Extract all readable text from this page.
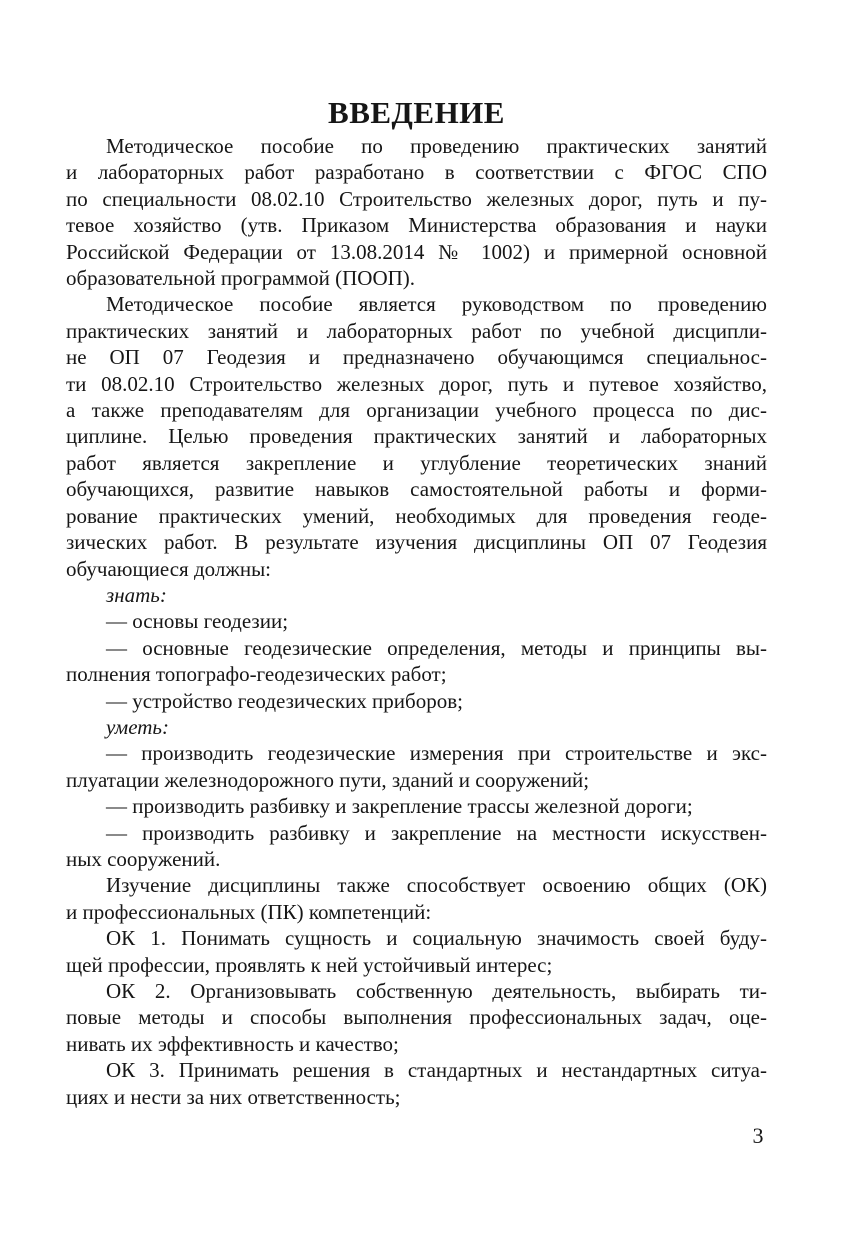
ВВЕДЕНИЕ
Методическое пособие по проведению практических занятий
и лабораторных работ разработано в соответствии с ФГОС СПО
по специальности 08.02.10 Строительство железных дорог, путь и пу-
тевое хозяйство (утв. Приказом Министерства образования и науки
Российской Федерации от 13.08.2014 № 1002) и примерной основной
образовательной программой (ПООП).
Методическое пособие является руководством по проведению
практических занятий и лабораторных работ по учебной дисципли-
не ОП 07 Геодезия и предназначено обучающимся специальнос-
ти 08.02.10 Строительство железных дорог, путь и путевое хозяйство,
а также преподавателям для организации учебного процесса по дис-
циплине. Целью проведения практических занятий и лабораторных
работ является закрепление и углубление теоретических знаний
обучающихся, развитие навыков самостоятельной работы и форми-
рование практических умений, необходимых для проведения геоде-
зических работ. В результате изучения дисциплины ОП 07 Геодезия
обучающиеся должны:
знать:
— основы геодезии;
— основные геодезические определения, методы и принципы вы-
полнения топографо-геодезических работ;
— устройство геодезических приборов;
уметь:
— производить геодезические измерения при строительстве и экс-
плуатации железнодорожного пути, зданий и сооружений;
— производить разбивку и закрепление трассы железной дороги;
— производить разбивку и закрепление на местности искусствен-
ных сооружений.
Изучение дисциплины также способствует освоению общих (ОК)
и профессиональных (ПК) компетенций:
ОК 1. Понимать сущность и социальную значимость своей буду-
щей профессии, проявлять к ней устойчивый интерес;
ОК 2. Организовывать собственную деятельность, выбирать ти-
повые методы и способы выполнения профессиональных задач, оце-
нивать их эффективность и качество;
ОК 3. Принимать решения в стандартных и нестандартных ситуа-
циях и нести за них ответственность;
3
